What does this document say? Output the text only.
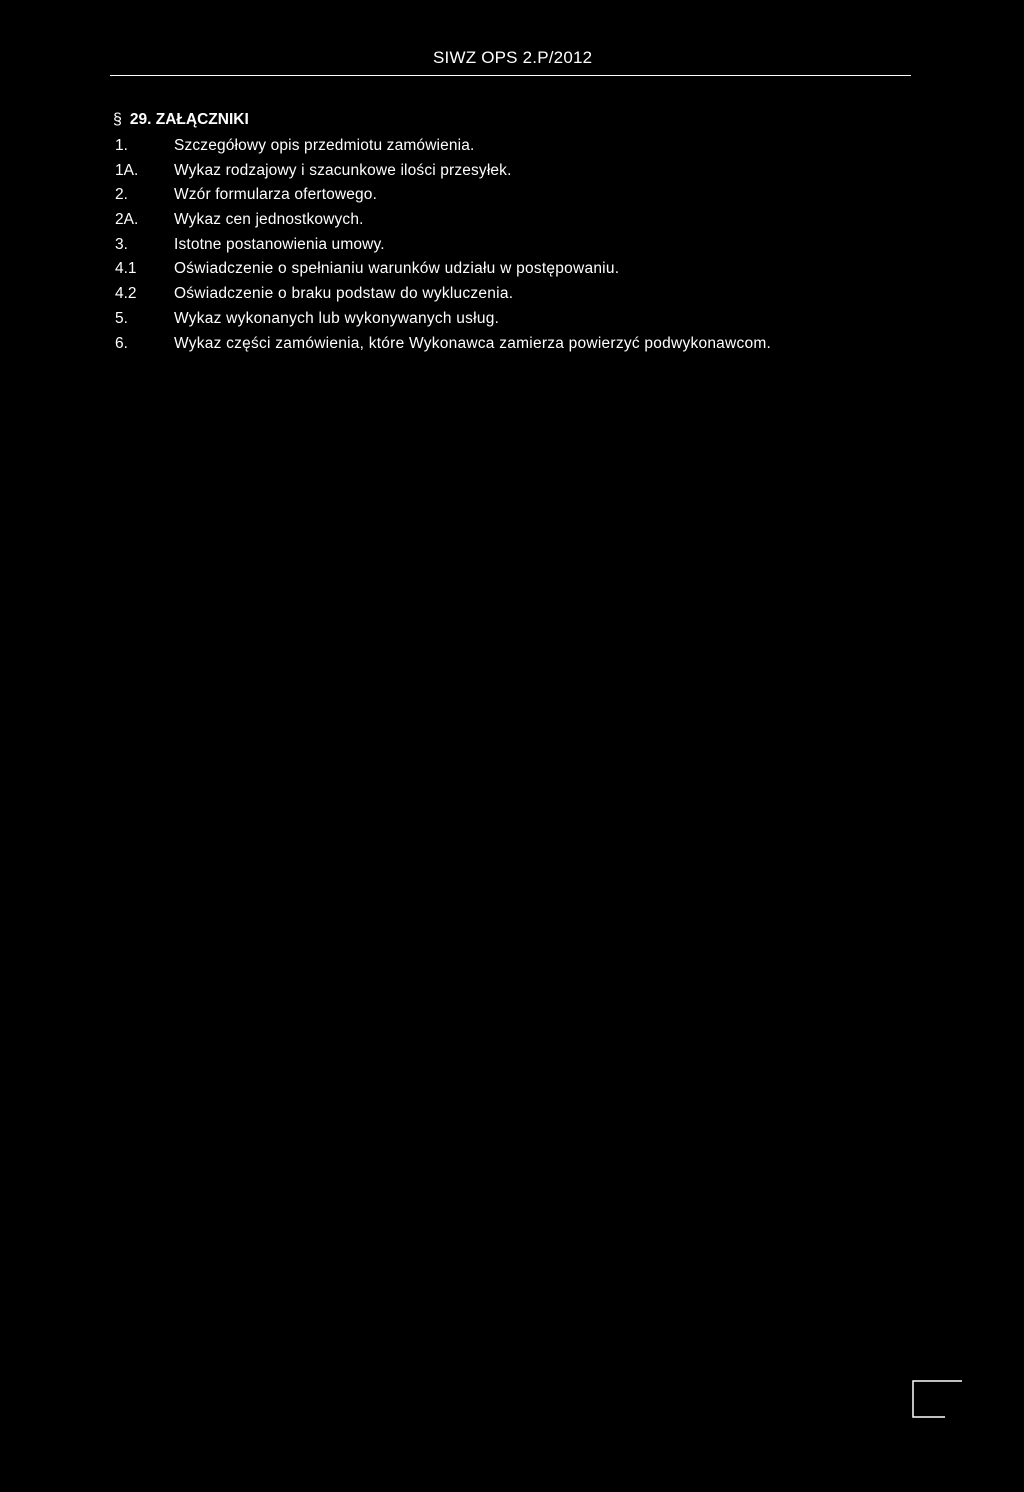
SIWZ OPS 2.P/2012
§ 29. ZAŁĄCZNIKI
1.	Szczegółowy opis przedmiotu zamówienia.
1A.	Wykaz rodzajowy i szacunkowe ilości przesyłek.
2.	Wzór formularza ofertowego.
2A.	Wykaz cen jednostkowych.
3.	Istotne postanowienia umowy.
4.1	Oświadczenie o spełnianiu warunków udziału w postępowaniu.
4.2	Oświadczenie o braku podstaw do wykluczenia.
5.	Wykaz wykonanych lub wykonywanych usług.
6.	Wykaz części zamówienia, które Wykonawca zamierza powierzyć podwykonawcom.
